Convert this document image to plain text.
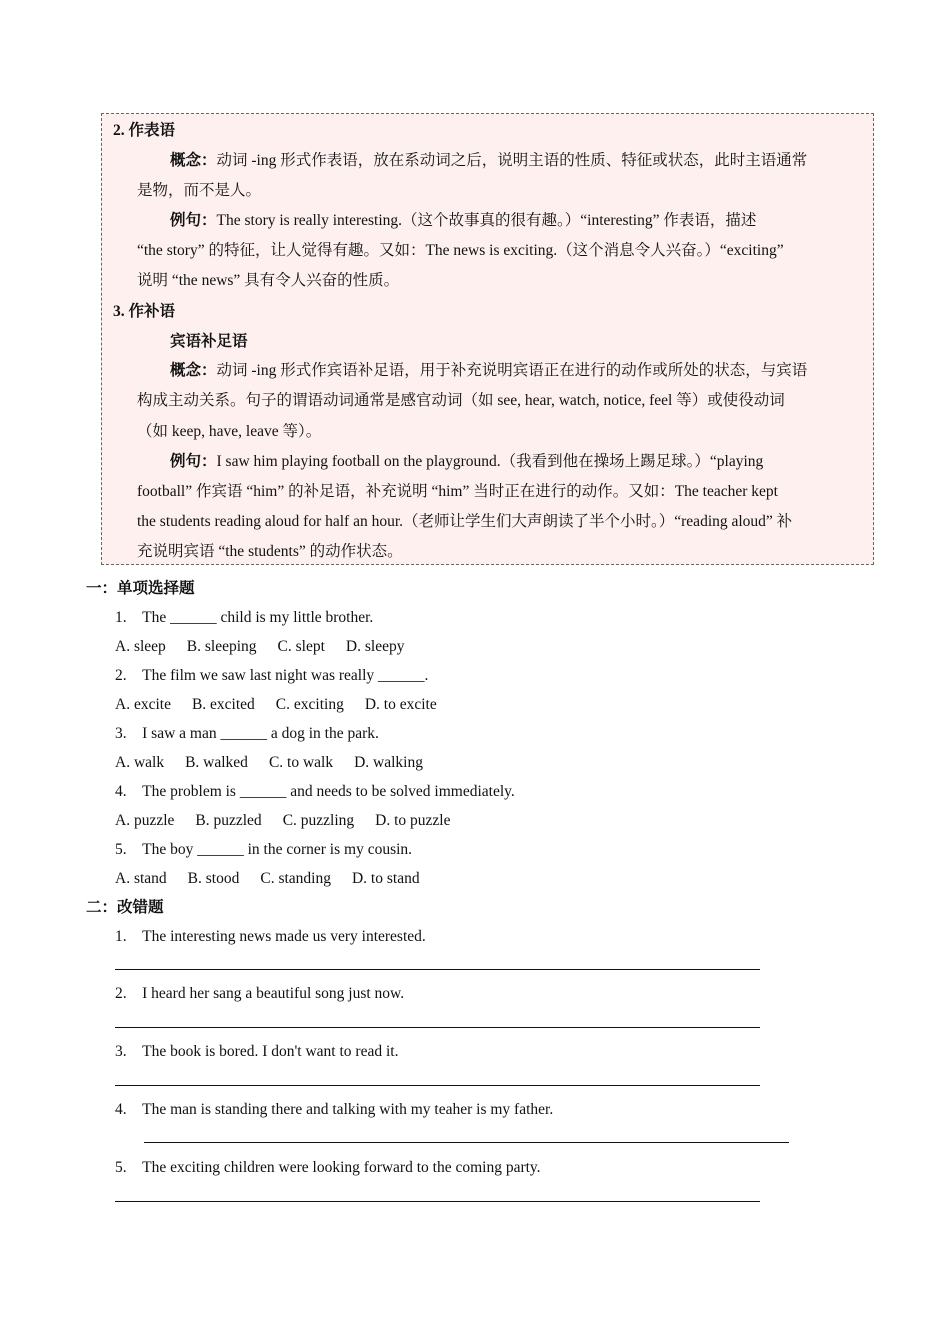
2. 作表语
概念：动词 -ing 形式作表语，放在系动词之后，说明主语的性质、特征或状态，此时主语通常
是物，而不是人。
例句：The story is really interesting.（这个故事真的很有趣。）“interesting” 作表语，描述
“the story” 的特征，让人觉得有趣。又如：The news is exciting.（这个消息令人兴奋。）“exciting”
说明 “the news” 具有令人兴奋的性质。
3. 作补语
宾语补足语
概念：动词 -ing 形式作宾语补足语，用于补充说明宾语正在进行的动作或所处的状态，与宾语
构成主动关系。句子的谓语动词通常是感官动词（如 see, hear, watch, notice, feel 等）或使役动词
（如 keep, have, leave 等）。
例句：I saw him playing football on the playground.（我看到他在操场上踢足球。）“playing
football” 作宾语 “him” 的补足语，补充说明 “him” 当时正在进行的动作。又如：The teacher kept
the students reading aloud for half an hour.（老师让学生们大声朗读了半个小时。）“reading aloud” 补
充说明宾语 “the students” 的动作状态。
一：单项选择题
1. The ______ child is my little brother.
A. sleep B. sleeping C. slept D. sleepy
2. The film we saw last night was really ______.
A. excite B. excited C. exciting D. to excite
3. I saw a man ______ a dog in the park.
A. walk B. walked C. to walk D. walking
4. The problem is ______ and needs to be solved immediately.
A. puzzle B. puzzled C. puzzling D. to puzzle
5. The boy ______ in the corner is my cousin.
A. stand B. stood C. standing D. to stand
二：改错题
1. The interesting news made us very interested.
2. I heard her sang a beautiful song just now.
3. The book is bored. I don't want to read it.
4. The man is standing there and talking with my teaher is my father.
5. The exciting children were looking forward to the coming party.
